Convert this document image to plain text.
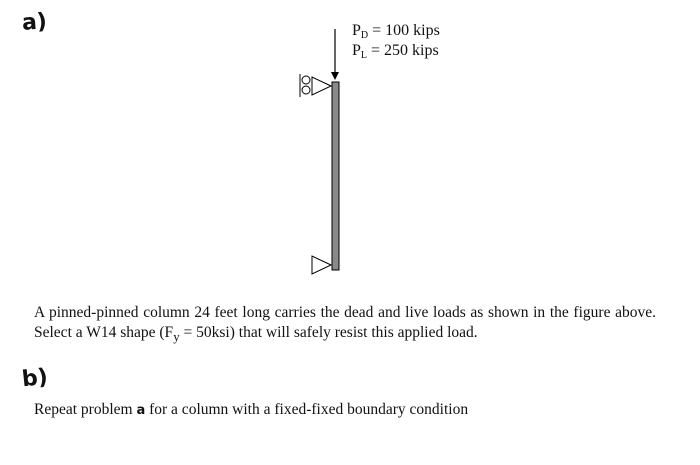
a)	$P_D = 100$ kips
$P_L = 250$ kips
A pinned-pinned column 24 feet long carries the dead and live loads as shown in the figure above. Select a W14 shape $(F_y = 50ksi)$ that will safely resist this applied load.
b)
Repeat problem a for a column with a fixed-fixed boundary condition
